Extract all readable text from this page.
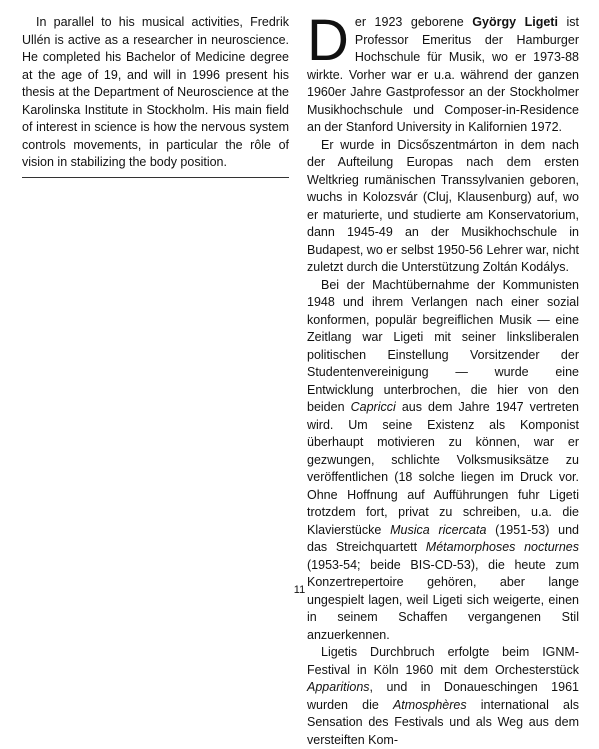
In parallel to his musical activities, Fredrik Ullén is active as a researcher in neuroscience. He completed his Bachelor of Medicine degree at the age of 19, and will in 1996 present his thesis at the Department of Neuroscience at the Karolinska Institute in Stockholm. His main field of interest in science is how the nervous system controls movements, in particular the rôle of vision in stabilizing the body position.

Der 1923 geborene György Ligeti ist Professor Emeritus der Hamburger Hochschule für Musik, wo er 1973-88 wirkte. Vorher war er u.a. während der ganzen 1960er Jahre Gastprofessor an der Stockholmer Musikhochschule und Composer-in-Residence an der Stanford University in Kalifornien 1972.

Er wurde in Dicsőszentmárton in dem nach der Aufteilung Europas nach dem ersten Weltkrieg rumänischen Transsylvanien geboren, wuchs in Kolozsvár (Cluj, Klausenburg) auf, wo er maturierte, und studierte am Konservatorium, dann 1945-49 an der Musikhochschule in Budapest, wo er selbst 1950-56 Lehrer war, nicht zuletzt durch die Unterstützung Zoltán Kodálys.

Bei der Machtübernahme der Kommunisten 1948 und ihrem Verlangen nach einer sozial konformen, populär begreiflichen Musik — eine Zeitlang war Ligeti mit seiner linksliberalen politischen Einstellung Vorsitzender der Studentenvereinigung — wurde eine Entwicklung unterbrochen, die hier von den beiden Capricci aus dem Jahre 1947 vertreten wird. Um seine Existenz als Komponist überhaupt motivieren zu können, war er gezwungen, schlichte Volksmusiksätze zu veröffentlichen (18 solche liegen im Druck vor. Ohne Hoffnung auf Aufführungen fuhr Ligeti trotzdem fort, privat zu schreiben, u.a. die Klavierstücke Musica ricercata (1951-53) und das Streichquartett Métamorphoses nocturnes (1953-54; beide BIS-CD-53), die heute zum Konzertrepertoire gehören, aber lange ungespielt lagen, weil Ligeti sich weigerte, einen in seinem Schaffen vergangenen Stil anzuerkennen.

Ligetis Durchbruch erfolgte beim IGNM-Festival in Köln 1960 mit dem Orchesterstück Apparitions, und in Donaueschingen 1961 wurden die Atmosphères international als Sensation des Festivals und als Weg aus dem versteiften Kom-

11
